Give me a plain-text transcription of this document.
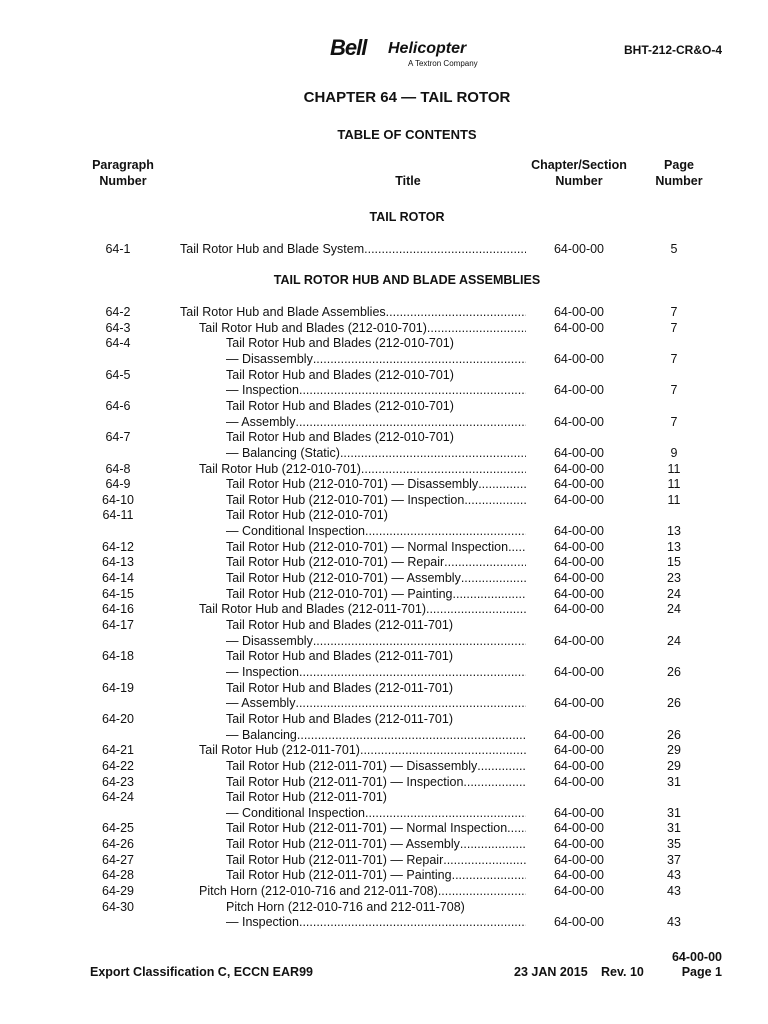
Bell Helicopter
A Textron Company
BHT-212-CR&O-4
CHAPTER 64 — TAIL ROTOR
TABLE OF CONTENTS
Paragraph
Number	Title
Chapter/Section
Number
Page
Number
TAIL ROTOR
TAIL ROTOR HUB AND BLADE ASSEMBLIES
64-1	Tail Rotor Hub and Blade System .....	64-00-00	5
64-2	Tail Rotor Hub and Blade Assemblies .....	64-00-00	7
64-3	Tail Rotor Hub and Blades (212-010-701) .....	64-00-00	7
64-4	Tail Rotor Hub and Blades (212-010-701)
— Disassembly .....	64-00-00	7
64-5	Tail Rotor Hub and Blades (212-010-701)
— Inspection .....	64-00-00	7
64-6	Tail Rotor Hub and Blades (212-010-701)
— Assembly .....	64-00-00	7
64-7	Tail Rotor Hub and Blades (212-010-701)
— Balancing (Static) .....	64-00-00	9
64-8	Tail Rotor Hub (212-010-701) .....	64-00-00	11
64-9	Tail Rotor Hub (212-010-701) — Disassembly .....	64-00-00	11
64-10	Tail Rotor Hub (212-010-701) — Inspection .....	64-00-00	11
64-11	Tail Rotor Hub (212-010-701)
— Conditional Inspection .....	64-00-00	13
64-12	Tail Rotor Hub (212-010-701) — Normal Inspection .....	64-00-00	13
64-13	Tail Rotor Hub (212-010-701) — Repair .....	64-00-00	15
64-14	Tail Rotor Hub (212-010-701) — Assembly .....	64-00-00	23
64-15	Tail Rotor Hub (212-010-701) — Painting .....	64-00-00	24
64-16	Tail Rotor Hub and Blades (212-011-701) .....	64-00-00	24
64-17	Tail Rotor Hub and Blades (212-011-701)
— Disassembly .....	64-00-00	24
64-18	Tail Rotor Hub and Blades (212-011-701)
— Inspection .....	64-00-00	26
64-19	Tail Rotor Hub and Blades (212-011-701)
— Assembly .....	64-00-00	26
64-20	Tail Rotor Hub and Blades (212-011-701)
— Balancing .....	64-00-00	26
64-21	Tail Rotor Hub (212-011-701) .....	64-00-00	29
64-22	Tail Rotor Hub (212-011-701) — Disassembly .....	64-00-00	29
64-23	Tail Rotor Hub (212-011-701) — Inspection .....	64-00-00	31
64-24	Tail Rotor Hub (212-011-701)
— Conditional Inspection .....	64-00-00	31
64-25	Tail Rotor Hub (212-011-701) — Normal Inspection .....	64-00-00	31
64-26	Tail Rotor Hub (212-011-701) — Assembly .....	64-00-00	35
64-27	Tail Rotor Hub (212-011-701) — Repair .....	64-00-00	37
64-28	Tail Rotor Hub (212-011-701) — Painting .....	64-00-00	43
64-29	Pitch Horn (212-010-716 and 212-011-708) .....	64-00-00	43
64-30	Pitch Horn (212-010-716 and 212-011-708)
— Inspection .....	64-00-00	43
64-00-00
Export Classification C, ECCN EAR99	23 JAN 2015 Rev. 10	Page 1
